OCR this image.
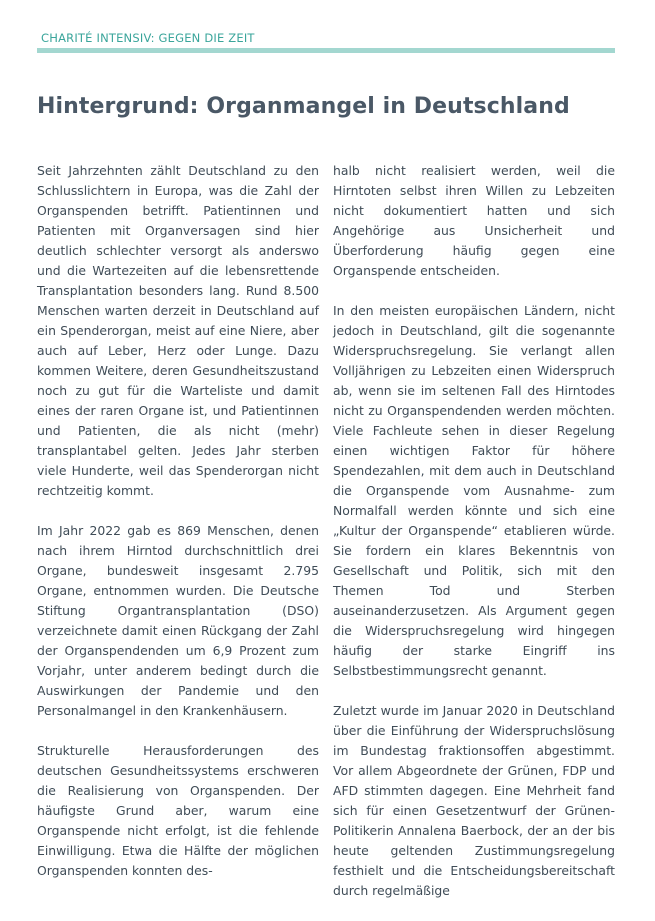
CHARITÉ INTENSIV: GEGEN DIE ZEIT
Hintergrund: Organmangel in Deutschland

Seit Jahrzehnten zählt Deutschland zu den Schlusslichtern in Europa, was die Zahl der Organspenden betrifft. Patientinnen und Patienten mit Organversagen sind hier deutlich schlechter versorgt als anderswo und die Wartezeiten auf die lebensrettende Transplantation besonders lang. Rund 8.500 Menschen warten derzeit in Deutschland auf ein Spenderorgan, meist auf eine Niere, aber auch auf Leber, Herz oder Lunge. Dazu kommen Weitere, deren Gesundheitszustand noch zu gut für die Warteliste und damit eines der raren Organe ist, und Patientinnen und Patienten, die als nicht (mehr) transplantabel gelten. Jedes Jahr sterben viele Hunderte, weil das Spenderorgan nicht rechtzeitig kommt.

Im Jahr 2022 gab es 869 Menschen, denen nach ihrem Hirntod durchschnittlich drei Organe, bundesweit insgesamt 2.795 Organe, entnommen wurden. Die Deutsche Stiftung Organtransplantation (DSO) verzeichnete damit einen Rückgang der Zahl der Organspendenden um 6,9 Prozent zum Vorjahr, unter anderem bedingt durch die Auswirkungen der Pandemie und den Personalmangel in den Krankenhäusern.

Strukturelle Herausforderungen des deutschen Gesundheitssystems erschweren die Realisierung von Organspenden. Der häufigste Grund aber, warum eine Organspende nicht erfolgt, ist die fehlende Einwilligung. Etwa die Hälfte der möglichen Organspenden konnten des-

halb nicht realisiert werden, weil die Hirntoten selbst ihren Willen zu Lebzeiten nicht dokumentiert hatten und sich Angehörige aus Unsicherheit und Überforderung häufig gegen eine Organspende entscheiden.

In den meisten europäischen Ländern, nicht jedoch in Deutschland, gilt die sogenannte Widerspruchsregelung. Sie verlangt allen Volljährigen zu Lebzeiten einen Widerspruch ab, wenn sie im seltenen Fall des Hirntodes nicht zu Organspendenden werden möchten. Viele Fachleute sehen in dieser Regelung einen wichtigen Faktor für höhere Spendezahlen, mit dem auch in Deutschland die Organspende vom Ausnahme- zum Normalfall werden könnte und sich eine „Kultur der Organspende“ etablieren würde. Sie fordern ein klares Bekenntnis von Gesellschaft und Politik, sich mit den Themen Tod und Sterben auseinanderzusetzen. Als Argument gegen die Widerspruchsregelung wird hingegen häufig der starke Eingriff ins Selbstbestimmungsrecht genannt.

Zuletzt wurde im Januar 2020 in Deutschland über die Einführung der Widerspruchslösung im Bundestag fraktionsoffen abgestimmt. Vor allem Abgeordnete der Grünen, FDP und AFD stimmten dagegen. Eine Mehrheit fand sich für einen Gesetzentwurf der Grünen-Politikerin Annalena Baerbock, der an der bis heute geltenden Zustimmungsregelung festhielt und die Entscheidungsbereitschaft durch regelmäßige
